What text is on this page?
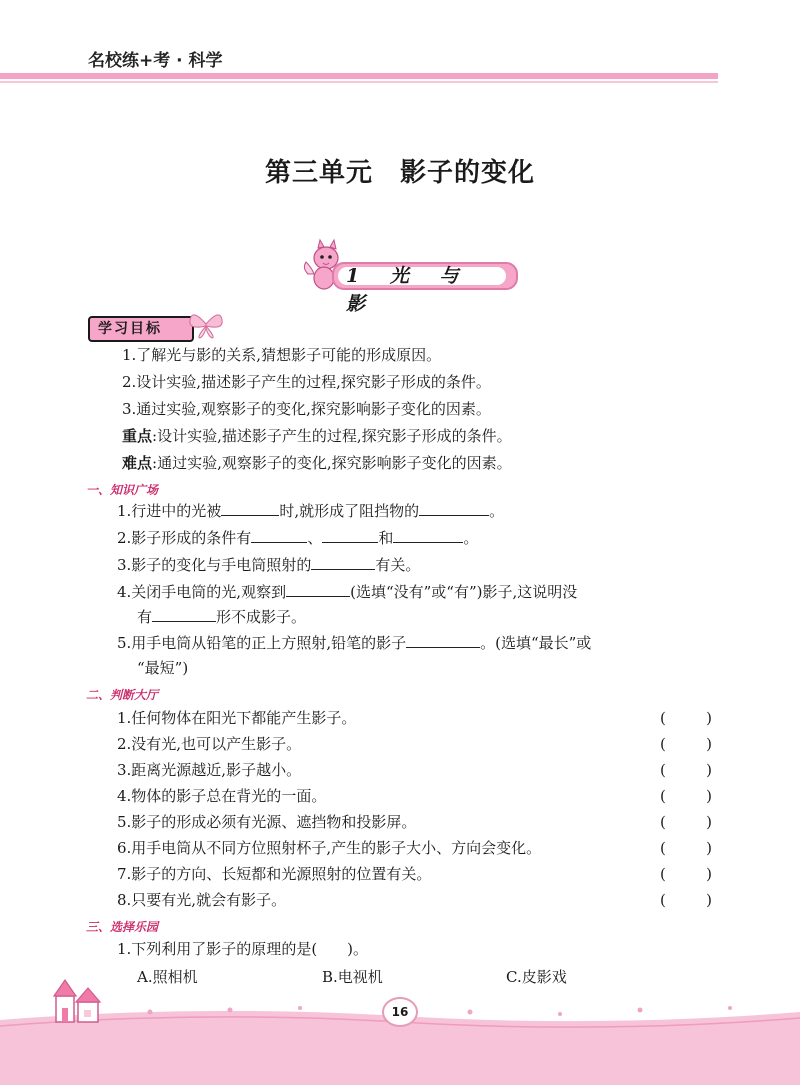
名校练+考 · 科学
第三单元　影子的变化
1 光 与 影
学习目标
1.了解光与影的关系,猜想影子可能的形成原因。
2.设计实验,描述影子产生的过程,探究影子形成的条件。
3.通过实验,观察影子的变化,探究影响影子变化的因素。
重点:设计实验,描述影子产生的过程,探究影子形成的条件。
难点:通过实验,观察影子的变化,探究影响影子变化的因素。
一、知识广场
1.行进中的光被	时,就形成了阻挡物的	。
2.影子形成的条件有	、	和	。
3.影子的变化与手电筒照射的	有关。
4.关闭手电筒的光,观察到	(选填“没有”或“有”)影子,这说明没
有	形不成影子。
5.用手电筒从铅笔的正上方照射,铅笔的影子	。(选填“最长”或
“最短”)
二、判断大厅
1.任何物体在阳光下都能产生影子。	(	)
2.没有光,也可以产生影子。	(	)
3.距离光源越近,影子越小。	(	)
4.物体的影子总在背光的一面。	(	)
5.影子的形成必须有光源、遮挡物和投影屏。	(	)
6.用手电筒从不同方位照射杯子,产生的影子大小、方向会变化。	(	)
7.影子的方向、长短都和光源照射的位置有关。	(	)
8.只要有光,就会有影子。	(	)
三、选择乐园
1.下列利用了影子的原理的是(　　)。
A.照相机	B.电视机	C.皮影戏
16
